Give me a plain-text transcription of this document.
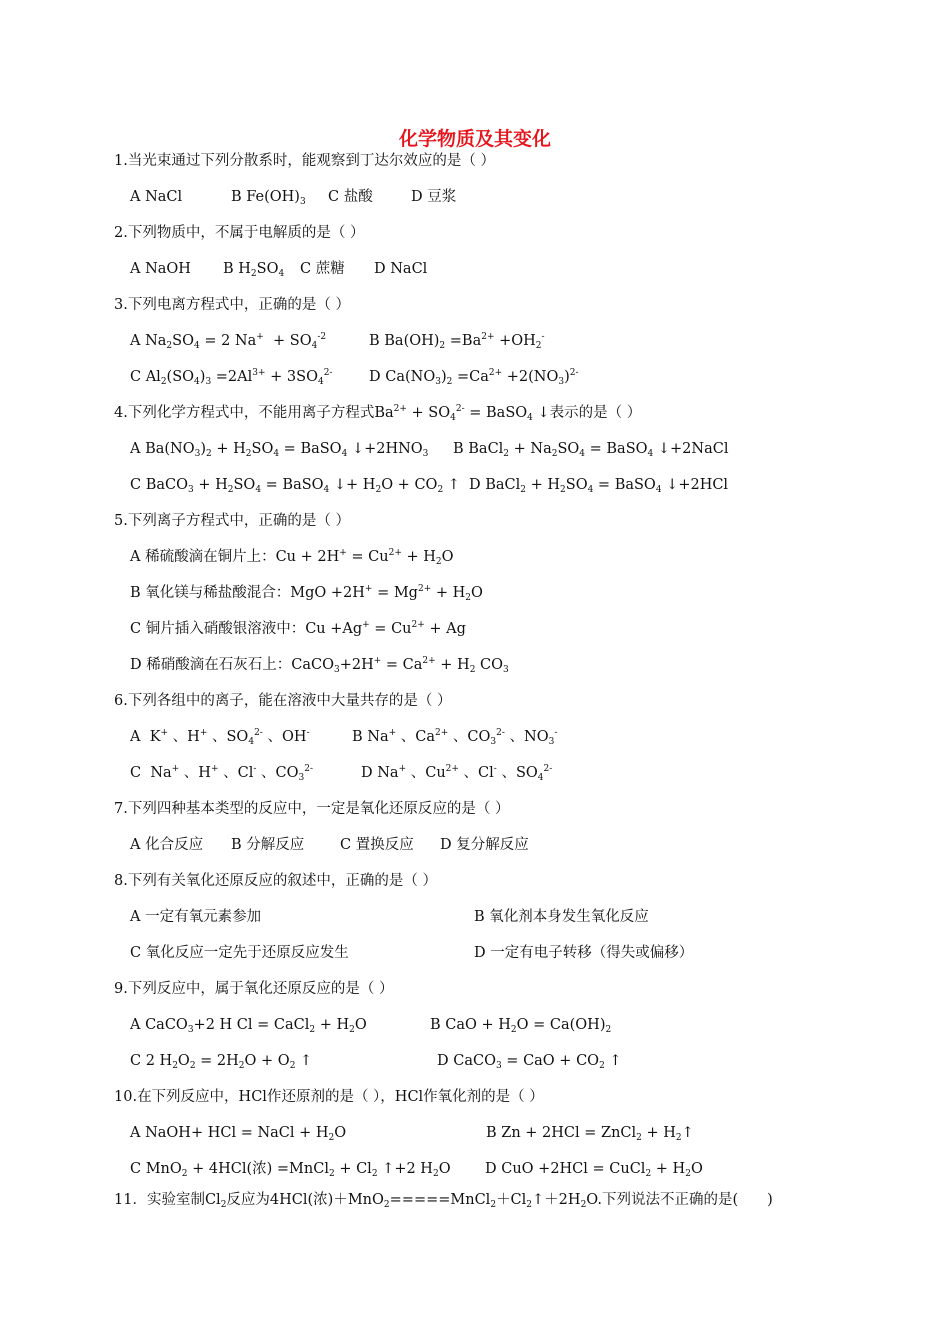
化学物质及其变化
1.当光束通过下列分散系时，能观察到丁达尔效应的是（ ）
A NaCl	B $Fe(OH)_3$ C 盐酸	D 豆浆
2.下列物质中，不属于电解质的是（ ）
A NaOH B $H_2SO_4$ C 蔗糖 D NaCl
3.下列电离方程式中，正确的是（ ）
A $Na_2SO_4 = 2$ $Na^+ + SO_4^{-2}$	B $Ba(OH)_2 =Ba^{2+} +OH_2^-$
C $Al_2(SO_4)_3 =2Al^{3+} + 3SO_4^{2-}$	D $Ca(NO_3)_2 =Ca^{2+} +2(NO_3)^{2-}$
4.下列化学方程式中，不能用离子方程式$Ba^{2+} + SO_4^{2-}$ = BaSO$_4$ ↓表示的是（ ）
A $Ba(NO_3)_2 + H_2SO_4$ = BaSO$_4$ $↓+2HNO_3$ B BaCl$_2$ + $Na_2SO_4$ = BaSO$_4$ ↓+2NaCl
C BaCO$_3$ + $H_2SO_4$ = BaSO$_4$ ↓+ $H_2O + CO_2$ ↑ D BaCl$_2$ + $H_2SO_4$ = BaSO$_4$ ↓+2HCl
5.下列离子方程式中，正确的是（ ）
A 稀硫酸滴在铜片上：$Cu + 2H^+ = Cu^{2+} + H_2O$
B 氧化镁与稀盐酸混合：MgO $+2H^+ = Mg^{2+} + H_2O$
C 铜片插入硝酸银溶液中：$Cu +Ag^+ = Cu^{2+} + Ag$
D 稀硝酸滴在石灰石上：CaCO$_3$+2H+ = $Ca^{2+} + H_2$ $CO_3$
6.下列各组中的离子，能在溶液中大量共存的是（ ）
A  K+ 、H+ 、$SO_4^{2-}$ 、OH-	B Na+ 、$Ca^{2+}$ 、$CO_3^{2-}$ 、$NO_3^-$
C  Na+ 、H+ 、Cl- 、$CO_3^{2-}$	D Na+ 、$Cu^{2+}$ 、Cl- 、$SO_4^{2-}$
7.下列四种基本类型的反应中，一定是氧化还原反应的是（ ）
A 化合反应 B 分解反应 C 置换反应 D 复分解反应
8.下列有关氧化还原反应的叙述中，正确的是（ ）
A 一定有氧元素参加	B 氧化剂本身发生氧化反应
C 氧化反应一定先于还原反应发生	D 一定有电子转移（得失或偏移）
9.下列反应中，属于氧化还原反应的是（ ）
A CaCO$_3$+2 H Cl = CaCl$_2$ + $H_2O$	B CaO + $H_2O = Ca(OH)_2$
C 2 $H_2O_2 = 2H_2O + O_2$ ↑	D CaCO$_3$ = CaO + $CO_2$ ↑
10.在下列反应中，HCl作还原剂的是（ ），HCl作氧化剂的是（ ）
A NaOH+ HCl = NaCl + $H_2O$	B Zn + 2HCl = ZnCl$_2$ + $H_2↑$
C MnO$_2$ + 4HCl(浓) =MnCl$_2$ + $Cl_2$ ↑+2 $H_2O$ D CuO +2HCl = CuCl$_2$ + $H_2O$
11．实验室制$Cl_2$反应为4HCl(浓)$+MnO_2=====MnCl_2+Cl_2↑+2H_2O$.下列说法不正确的是(　　)
